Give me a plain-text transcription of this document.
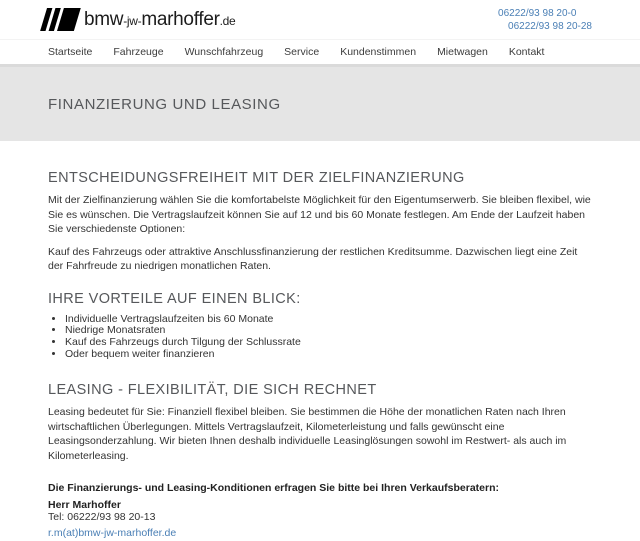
bmw -jw- marhoffer .de
06222/93 98 20-0
06222/93 98 20-28
Startseite Fahrzeuge Wunschfahrzeug Service Kundenstimmen Mietwagen Kontakt
FINANZIERUNG UND LEASING
ENTSCHEIDUNGSFREIHEIT MIT DER ZIELFINANZIERUNG

Mit der Zielfinanzierung wählen Sie die komfortabelste Möglichkeit für den Eigentumserwerb. Sie bleiben flexibel, wie Sie es wünschen. Die Vertragslaufzeit können Sie auf 12 und bis 60 Monate festlegen. Am Ende der Laufzeit haben Sie verschiedenste Optionen:

Kauf des Fahrzeugs oder attraktive Anschlussfinanzierung der restlichen Kreditsumme. Dazwischen liegt eine Zeit der Fahrfreude zu niedrigen monatlichen Raten.

IHRE VORTEILE AUF EINEN BLICK:
• Individuelle Vertragslaufzeiten bis 60 Monate
• Niedrige Monatsraten
• Kauf des Fahrzeugs durch Tilgung der Schlussrate
• Oder bequem weiter finanzieren
LEASING - FLEXIBILITÄT, DIE SICH RECHNET

Leasing bedeutet für Sie: Finanziell flexibel bleiben. Sie bestimmen die Höhe der monatlichen Raten nach Ihren wirtschaftlichen Überlegungen. Mittels Vertragslaufzeit, Kilometerleistung und falls gewünscht eine Leasingsonderzahlung. Wir bieten Ihnen deshalb individuelle Leasinglösungen sowohl im Restwert- als auch im Kilometerleasing.

Die Finanzierungs- und Leasing-Konditionen erfragen Sie bitte bei Ihren Verkaufsberatern:
Herr Marhoffer
Tel: 06222/93 98 20-13
r.m(at)bmw-jw-marhoffer.de
